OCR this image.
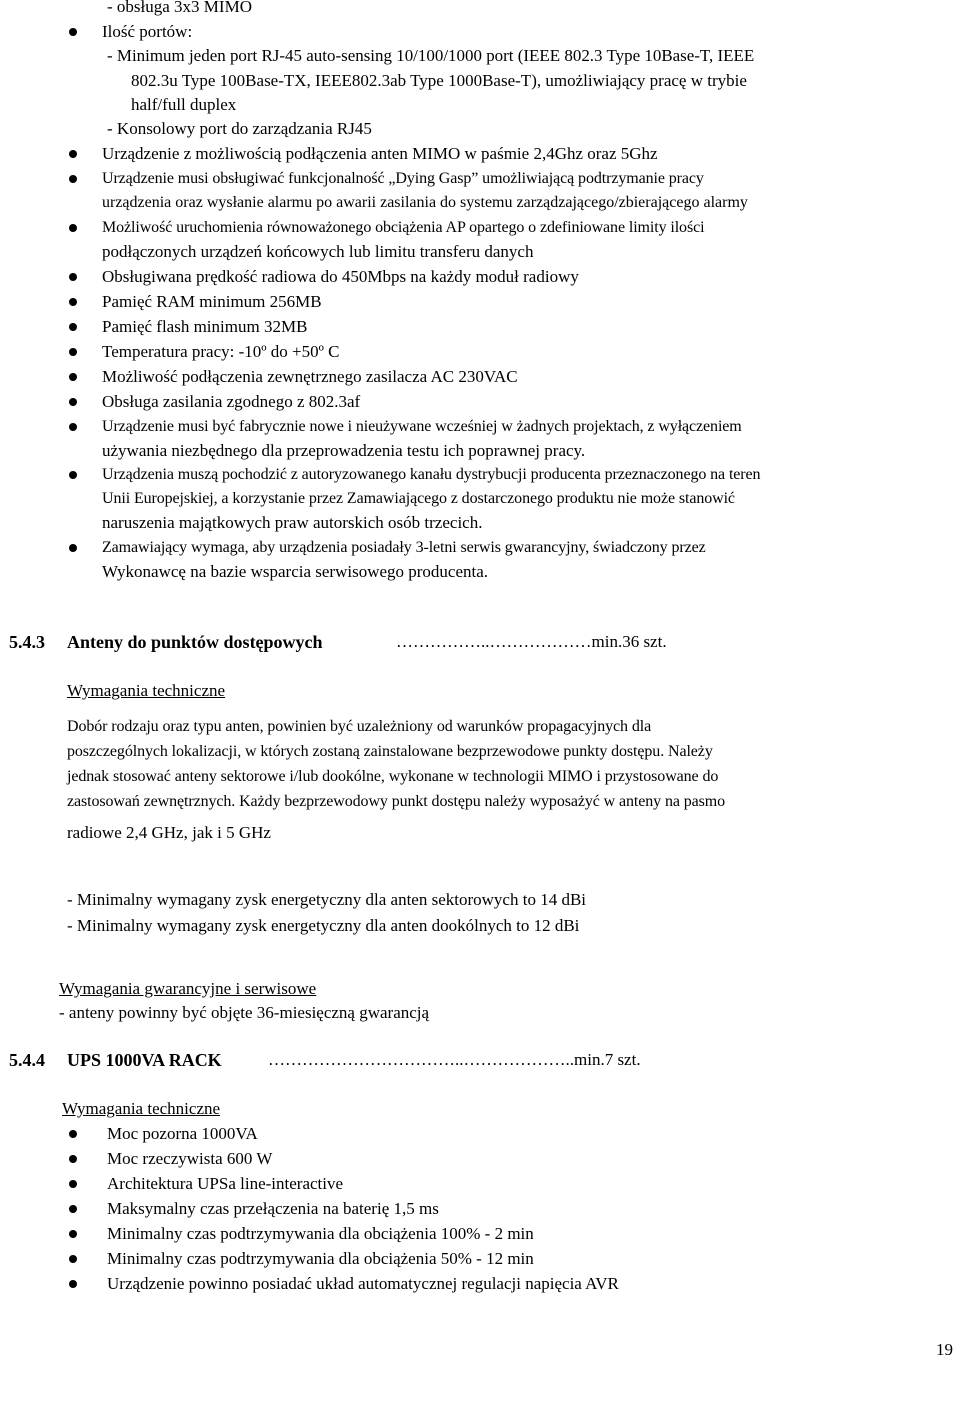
- obsługa 3x3 MIMO
Ilość portów:
- Minimum jeden port RJ-45 auto-sensing 10/100/1000 port (IEEE 802.3 Type 10Base-T, IEEE
802.3u Type 100Base-TX, IEEE802.3ab Type 1000Base-T), umożliwiający pracę w trybie
half/full duplex
- Konsolowy port do zarządzania RJ45
Urządzenie z możliwością podłączenia anten MIMO w paśmie 2,4Ghz oraz 5Ghz
Urządzenie musi obsługiwać funkcjonalność „Dying Gasp” umożliwiającą podtrzymanie pracy
urządzenia oraz wysłanie alarmu po awarii zasilania do systemu zarządzającego/zbierającego alarmy
Możliwość uruchomienia równoważonego obciążenia AP opartego o zdefiniowane limity ilości
podłączonych urządzeń końcowych lub limitu transferu danych
Obsługiwana prędkość radiowa do 450Mbps na każdy moduł radiowy
Pamięć RAM minimum 256MB
Pamięć flash minimum 32MB
Temperatura pracy: -10º do +50º C
Możliwość podłączenia zewnętrznego zasilacza AC 230VAC
Obsługa zasilania zgodnego z 802.3af
Urządzenie musi być fabrycznie nowe i nieużywane wcześniej w żadnych projektach, z wyłączeniem
używania niezbędnego dla przeprowadzenia testu ich poprawnej pracy.
Urządzenia muszą pochodzić z autoryzowanego kanału dystrybucji producenta przeznaczonego na teren
Unii Europejskiej, a korzystanie przez Zamawiającego z dostarczonego produktu nie może stanowić
naruszenia majątkowych praw autorskich osób trzecich.
Zamawiający wymaga, aby urządzenia posiadały 3-letni serwis gwarancyjny, świadczony przez
Wykonawcę na bazie wsparcia serwisowego producenta.
5.4.3 Anteny do punktów dostępowych	……………..………………min.36 szt.
Wymagania techniczne
Dobór rodzaju oraz typu anten, powinien być uzależniony od warunków propagacyjnych dla
poszczególnych lokalizacji, w których zostaną zainstalowane bezprzewodowe punkty dostępu. Należy
jednak stosować anteny sektorowe i/lub dookólne, wykonane w technologii MIMO i przystosowane do
zastosowań zewnętrznych. Każdy bezprzewodowy punkt dostępu należy wyposażyć w anteny na pasmo
radiowe 2,4 GHz, jak i 5 GHz
- Minimalny wymagany zysk energetyczny dla anten sektorowych to 14 dBi
- Minimalny wymagany zysk energetyczny dla anten dookólnych to 12 dBi
Wymagania gwarancyjne i serwisowe
- anteny powinny być objęte 36-miesięczną gwarancją
5.4.4 UPS 1000VA RACK	……………………………..………………..min.7 szt.
Wymagania techniczne
Moc pozorna 1000VA
Moc rzeczywista 600 W
Architektura UPSa line-interactive
Maksymalny czas przełączenia na baterię 1,5 ms
Minimalny czas podtrzymywania dla obciążenia 100% - 2 min
Minimalny czas podtrzymywania dla obciążenia 50% - 12 min
Urządzenie powinno posiadać układ automatycznej regulacji napięcia AVR
19
